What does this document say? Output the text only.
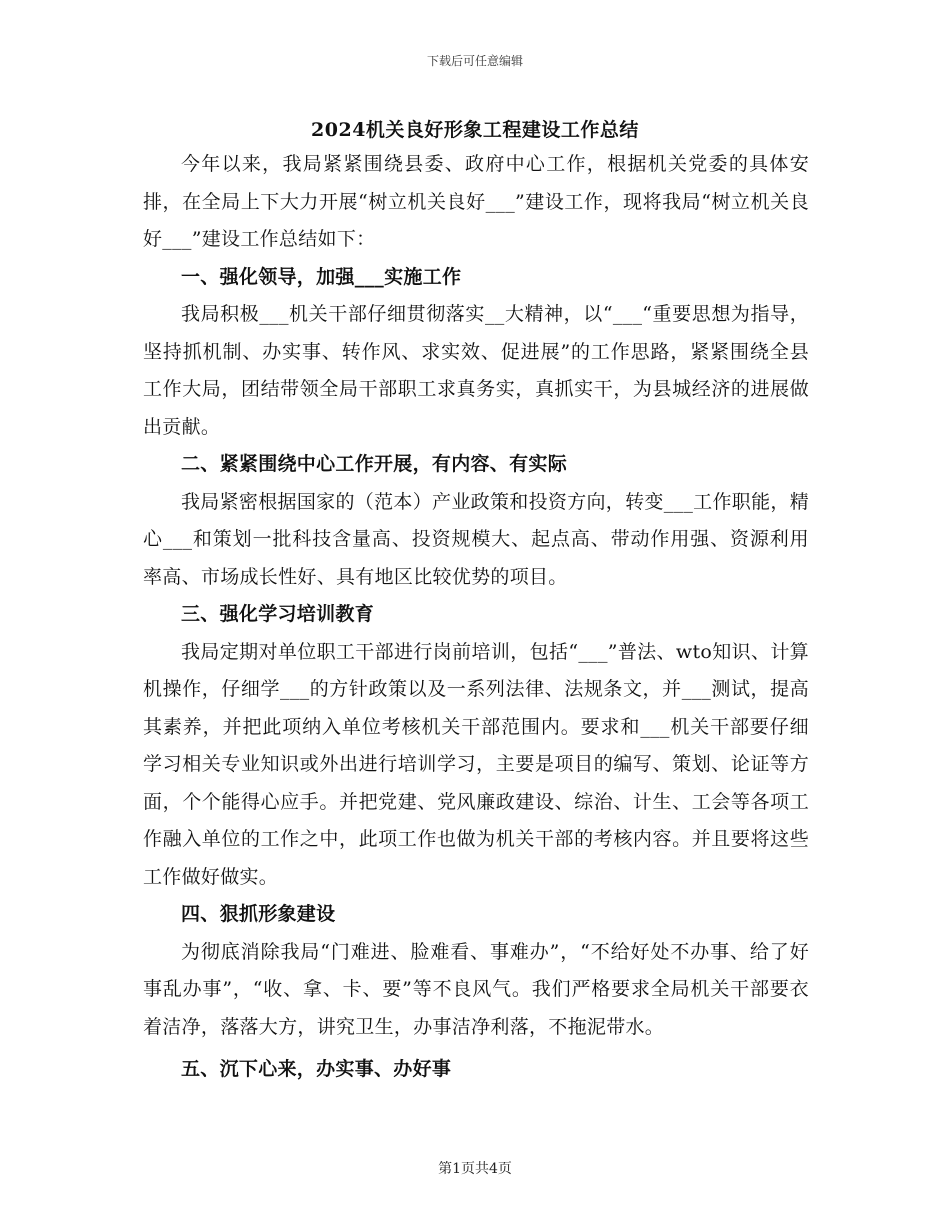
下载后可任意编辑
2024机关良好形象工程建设工作总结

今年以来，我局紧紧围绕县委、政府中心工作，根据机关党委的具体安排，在全局上下大力开展“树立机关良好___”建设工作，现将我局“树立机关良好___”建设工作总结如下：

一、强化领导，加强___实施工作

我局积极___机关干部仔细贯彻落实__大精神，以“___“重要思想为指导，坚持抓机制、办实事、转作风、求实效、促进展”的工作思路，紧紧围绕全县工作大局，团结带领全局干部职工求真务实，真抓实干，为县城经济的进展做出贡献。

二、紧紧围绕中心工作开展，有内容、有实际

我局紧密根据国家的（范本）产业政策和投资方向，转变___工作职能，精心___和策划一批科技含量高、投资规模大、起点高、带动作用强、资源利用率高、市场成长性好、具有地区比较优势的项目。

三、强化学习培训教育

我局定期对单位职工干部进行岗前培训，包括“___”普法、wto知识、计算机操作，仔细学___的方针政策以及一系列法律、法规条文，并___测试，提高其素养，并把此项纳入单位考核机关干部范围内。要求和___机关干部要仔细学习相关专业知识或外出进行培训学习，主要是项目的编写、策划、论证等方面，个个能得心应手。并把党建、党风廉政建设、综治、计生、工会等各项工作融入单位的工作之中，此项工作也做为机关干部的考核内容。并且要将这些工作做好做实。

四、狠抓形象建设

为彻底消除我局“门难进、脸难看、事难办”，“不给好处不办事、给了好事乱办事”，“收、拿、卡、要”等不良风气。我们严格要求全局机关干部要衣着洁净，落落大方，讲究卫生，办事洁净利落，不拖泥带水。

五、沉下心来，办实事、办好事

第1页共4页
